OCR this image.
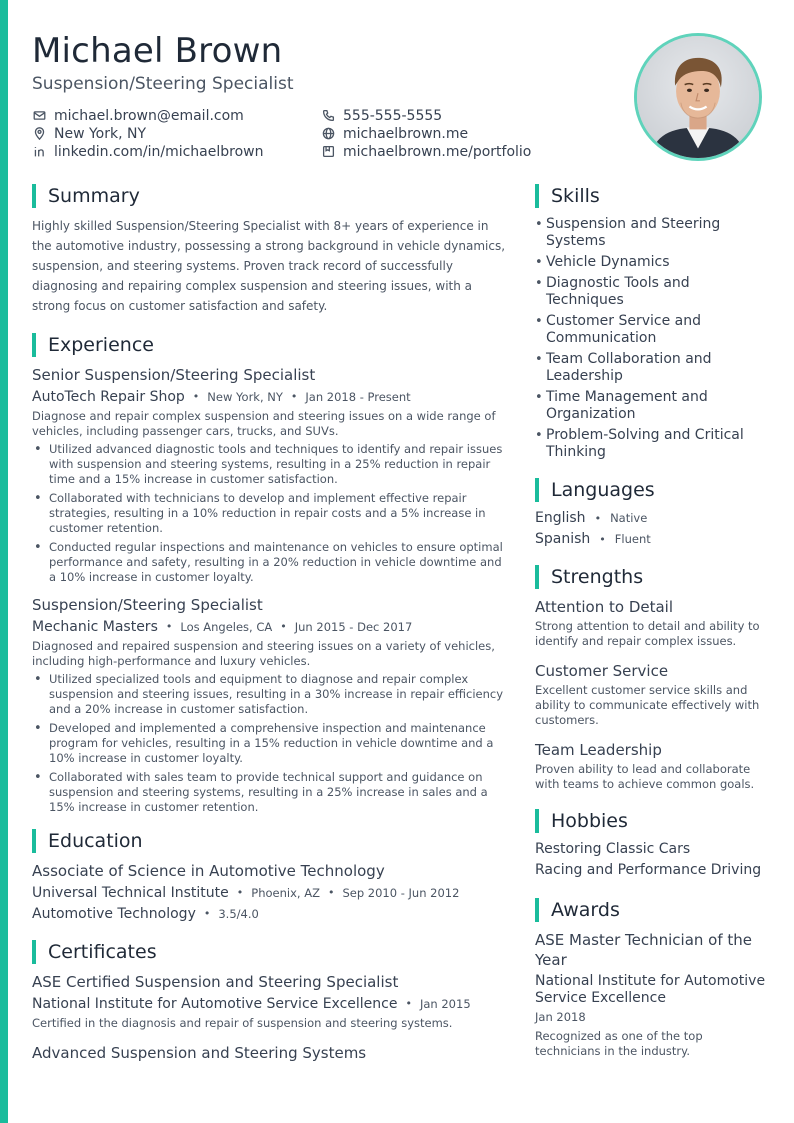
Michael Brown
Suspension/Steering Specialist
michael.brown@email.com	555-555-5555
New York, NY	michaelbrown.me
linkedin.com/in/michaelbrown	michaelbrown.me/portfolio
Summary

Highly skilled Suspension/Steering Specialist with 8+ years of experience in the automotive industry, possessing a strong background in vehicle dynamics, suspension, and steering systems. Proven track record of successfully diagnosing and repairing complex suspension and steering issues, with a strong focus on customer satisfaction and safety.

Experience
Senior Suspension/Steering Specialist
AutoTech Repair Shop • New York, NY • Jan 2018 - Present
Diagnose and repair complex suspension and steering issues on a wide range of vehicles, including passenger cars, trucks, and SUVs.
• Utilized advanced diagnostic tools and techniques to identify and repair issues with suspension and steering systems, resulting in a 25% reduction in repair time and a 15% increase in customer satisfaction.
• Collaborated with technicians to develop and implement effective repair strategies, resulting in a 10% reduction in repair costs and a 5% increase in customer retention.
• Conducted regular inspections and maintenance on vehicles to ensure optimal performance and safety, resulting in a 20% reduction in vehicle downtime and a 10% increase in customer loyalty.
Suspension/Steering Specialist
Mechanic Masters • Los Angeles, CA • Jun 2015 - Dec 2017
Diagnosed and repaired suspension and steering issues on a variety of vehicles, including high-performance and luxury vehicles.
• Utilized specialized tools and equipment to diagnose and repair complex suspension and steering issues, resulting in a 30% increase in repair efficiency and a 20% increase in customer satisfaction.
• Developed and implemented a comprehensive inspection and maintenance program for vehicles, resulting in a 15% reduction in vehicle downtime and a 10% increase in customer loyalty.
• Collaborated with sales team to provide technical support and guidance on suspension and steering systems, resulting in a 25% increase in sales and a 15% increase in customer retention.
Education
Associate of Science in Automotive Technology
Universal Technical Institute • Phoenix, AZ • Sep 2010 - Jun 2012
Automotive Technology • 3.5/4.0
Certificates
ASE Certified Suspension and Steering Specialist
National Institute for Automotive Service Excellence • Jan 2015
Certified in the diagnosis and repair of suspension and steering systems.
Advanced Suspension and Steering Systems
Skills
• Suspension and Steering Systems
• Vehicle Dynamics
• Diagnostic Tools and Techniques
• Customer Service and Communication
• Team Collaboration and Leadership
• Time Management and Organization
• Problem-Solving and Critical Thinking
Languages
English • Native
Spanish • Fluent
Strengths
Attention to Detail
Strong attention to detail and ability to identify and repair complex issues.
Customer Service
Excellent customer service skills and ability to communicate effectively with customers.
Team Leadership
Proven ability to lead and collaborate with teams to achieve common goals.
Hobbies
Restoring Classic Cars
Racing and Performance Driving
Awards
ASE Master Technician of the Year
National Institute for Automotive Service Excellence
Jan 2018
Recognized as one of the top technicians in the industry.
